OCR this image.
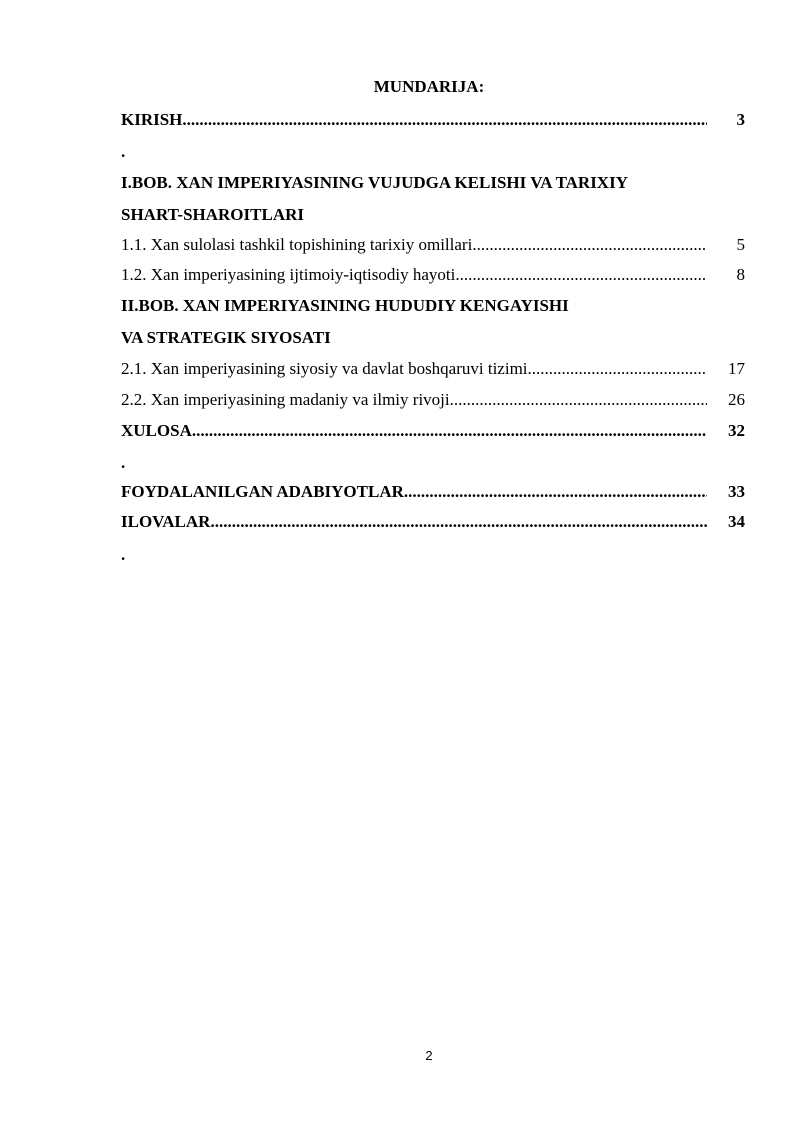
MUNDARIJA:
KIRISH .....	3
.
I.BOB. XAN IMPERIYASINING VUJUDGA KELISHI VA TARIXIY
SHART-SHAROITLARI
1.1. Xan sulolasi tashkil topishining tarixiy omillari .....	5
1.2. Xan imperiyasining ijtimoiy-iqtisodiy hayoti .....	8
II.BOB. XAN IMPERIYASINING HUDUDIY KENGAYISHI
VA STRATEGIK SIYOSATI
2.1. Xan imperiyasining siyosiy va davlat boshqaruvi tizimi .....	17
2.2. Xan imperiyasining madaniy va ilmiy rivoji .....	26
XULOSA .....	32
.
FOYDALANILGAN ADABIYOTLAR .....	33
ILOVALAR .....	34
.
2
